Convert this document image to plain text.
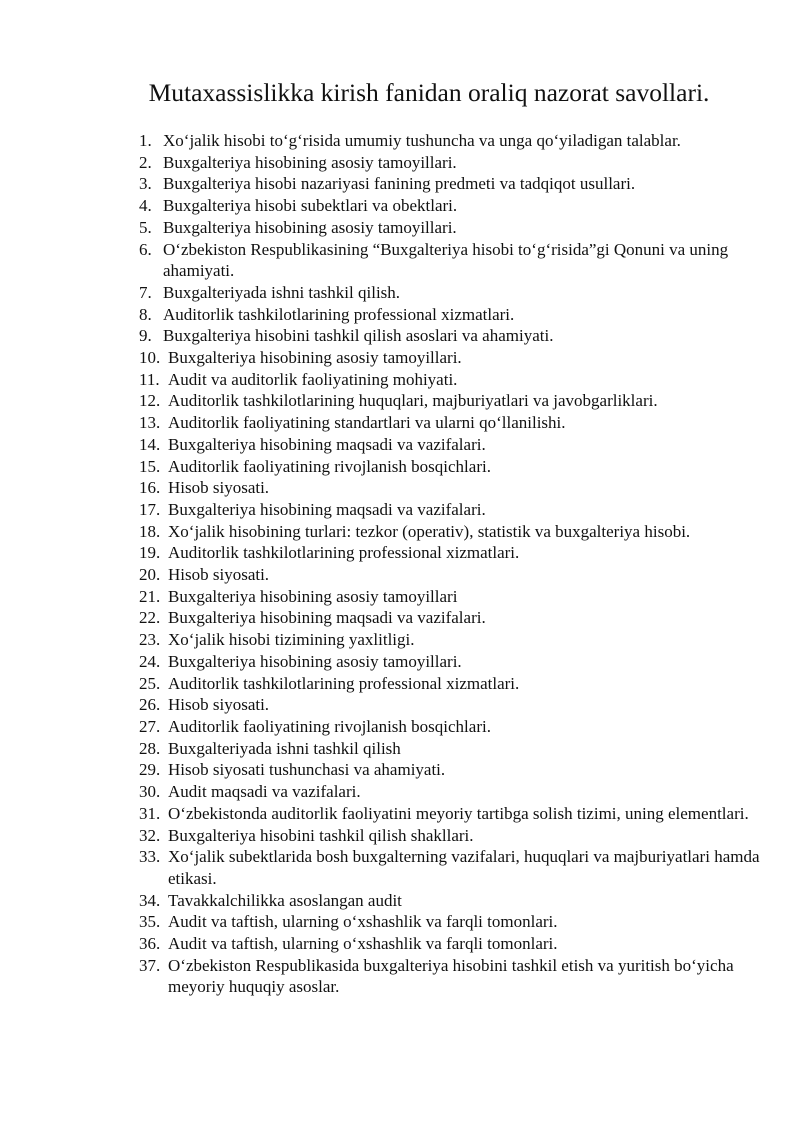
Mutaxassislikka kirish fanidan oraliq nazorat savollari.
1. Xo‘jalik hisobi to‘g‘risida umumiy tushuncha va unga qo‘yiladigan talablar.
2. Buxgalteriya hisobining asosiy tamoyillari.
3. Buxgalteriya hisobi nazariyasi fanining predmeti va tadqiqot usullari.
4. Buxgalteriya hisobi subektlari va obektlari.
5. Buxgalteriya hisobining asosiy tamoyillari.
6. O‘zbekiston Respublikasining “Buxgalteriya hisobi to‘g‘risida”gi Qonuni va uning ahamiyati.
7. Buxgalteriyada ishni tashkil qilish.
8. Auditorlik tashkilotlarining professional xizmatlari.
9. Buxgalteriya hisobini tashkil qilish asoslari va ahamiyati.
10. Buxgalteriya hisobining asosiy tamoyillari.
11. Audit va auditorlik faoliyatining mohiyati.
12. Auditorlik tashkilotlarining huquqlari, majburiyatlari va javobgarliklari.
13. Auditorlik faoliyatining standartlari va ularni qo‘llanilishi.
14. Buxgalteriya hisobining maqsadi va vazifalari.
15. Auditorlik faoliyatining rivojlanish bosqichlari.
16. Hisob siyosati.
17. Buxgalteriya hisobining maqsadi va vazifalari.
18. Xo‘jalik hisobining turlari: tezkor (operativ), statistik va buxgalteriya hisobi.
19. Auditorlik tashkilotlarining professional xizmatlari.
20. Hisob siyosati.
21. Buxgalteriya hisobining asosiy tamoyillari
22. Buxgalteriya hisobining maqsadi va vazifalari.
23. Xo‘jalik hisobi tizimining yaxlitligi.
24. Buxgalteriya hisobining asosiy tamoyillari.
25. Auditorlik tashkilotlarining professional xizmatlari.
26. Hisob siyosati.
27. Auditorlik faoliyatining rivojlanish bosqichlari.
28. Buxgalteriyada ishni tashkil qilish
29. Hisob siyosati tushunchasi va ahamiyati.
30. Audit maqsadi va vazifalari.
31. O‘zbekistonda auditorlik faoliyatini meyoriy tartibga solish tizimi, uning elementlari.
32. Buxgalteriya hisobini tashkil qilish shakllari.
33. Xo‘jalik subektlarida bosh buxgalterning vazifalari, huquqlari va majburiyatlari hamda etikasi.
34. Tavakkalchilikka asoslangan audit
35. Audit va taftish, ularning o‘xshashlik va farqli tomonlari.
36. Audit va taftish, ularning o‘xshashlik va farqli tomonlari.
37. O‘zbekiston Respublikasida buxgalteriya hisobini tashkil etish va yuritish bo‘yicha meyoriy huquqiy asoslar.
